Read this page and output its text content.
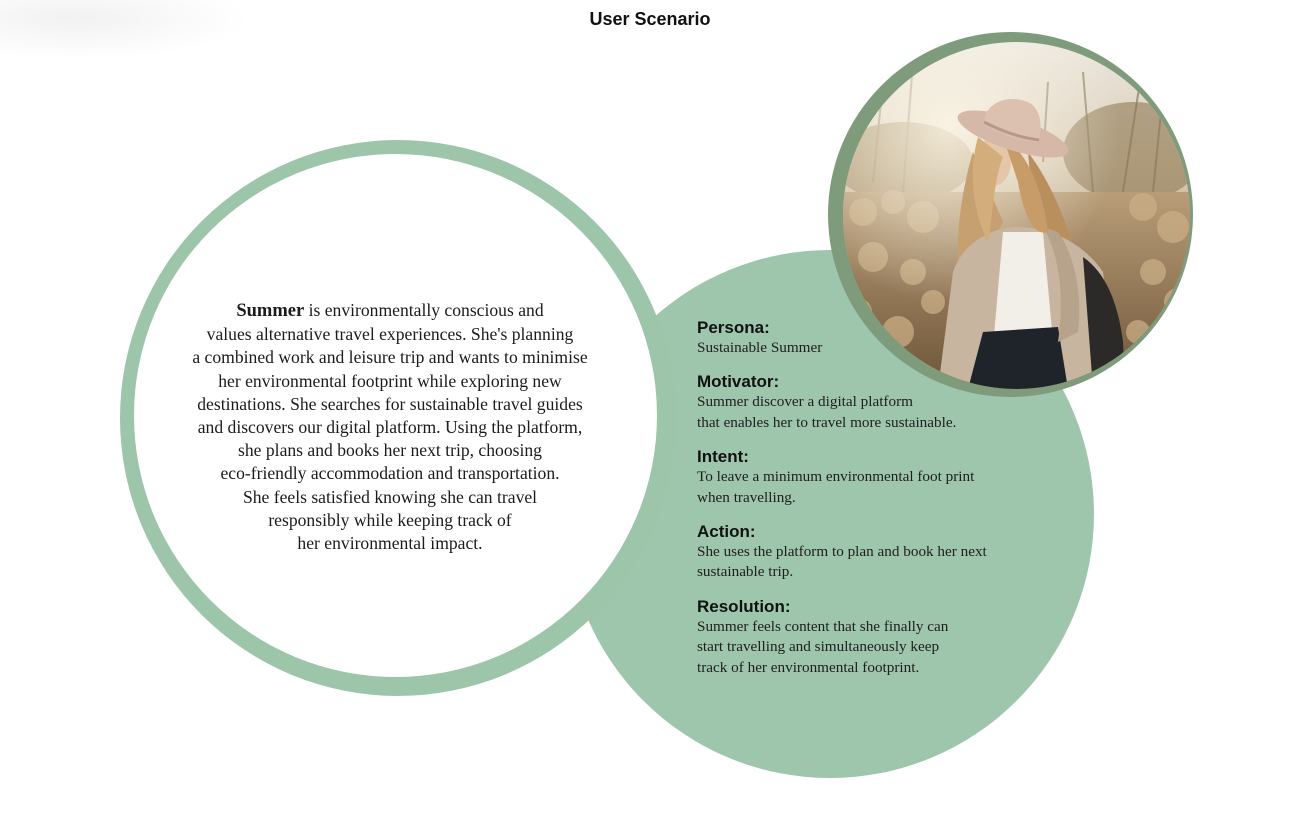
User Scenario
Summer is environmentally conscious and
values alternative travel experiences. She's planning
a combined work and leisure trip and wants to minimise
her environmental footprint while exploring new
destinations. She searches for sustainable travel guides
and discovers our digital platform. Using the platform,
she plans and books her next trip, choosing
eco-friendly accommodation and transportation.
She feels satisfied knowing she can travel
responsibly while keeping track of
her environmental impact.

Persona:

Sustainable Summer

Motivator:

Summer discover a digital platform
that enables her to travel more sustainable.

Intent:

To leave a minimum environmental foot print
when travelling.

Action:

She uses the platform to plan and book her next
sustainable trip.

Resolution:

Summer feels content that she finally can
start travelling and simultaneously keep
track of her environmental footprint.
